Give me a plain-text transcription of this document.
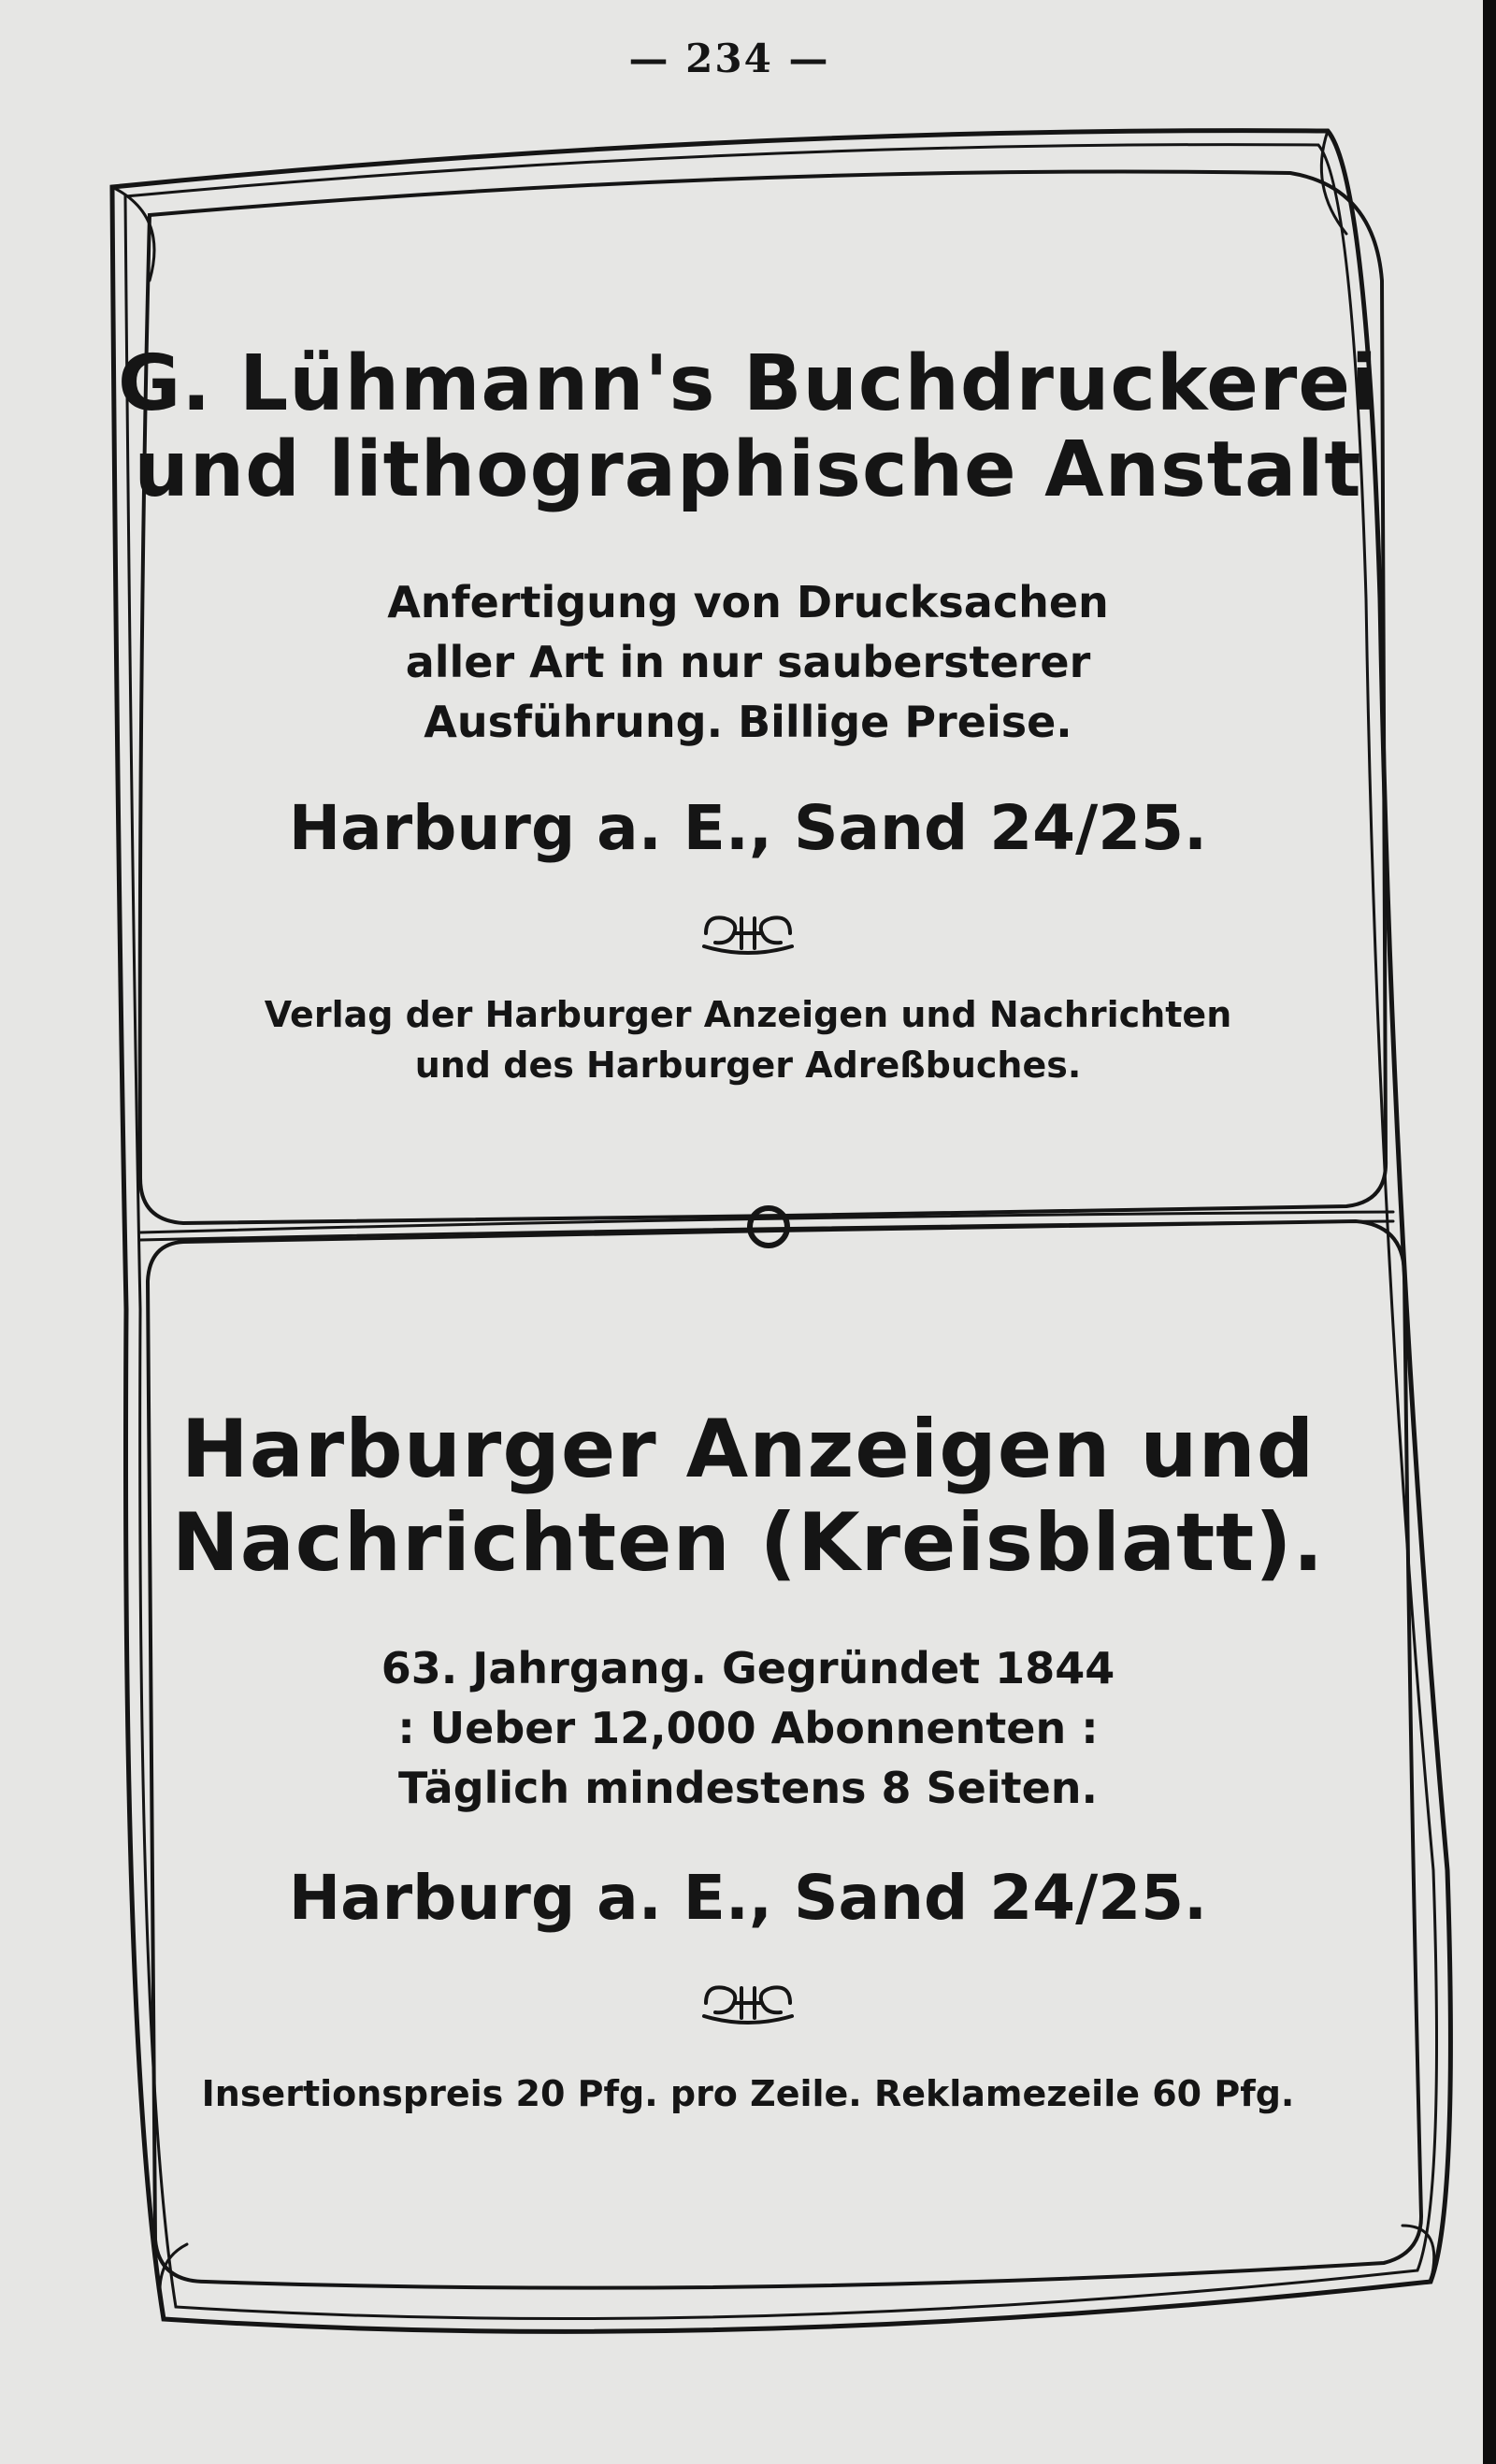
— 234 —
G. Lühmann's Buchdruckerei
und lithographische Anstalt
Anfertigung von Drucksachen
aller Art in nur saubersterer
Ausführung. Billige Preise.
Harburg a. E., Sand 24/25.
Verlag der Harburger Anzeigen und Nachrichten
und des Harburger Adreßbuches.
Harburger Anzeigen und
Nachrichten (Kreisblatt).
63. Jahrgang. Gegründet 1844
: Ueber 12,000 Abonnenten :
Täglich mindestens 8 Seiten.
Harburg a. E., Sand 24/25.
Insertionspreis 20 Pfg. pro Zeile. Reklamezeile 60 Pfg.
